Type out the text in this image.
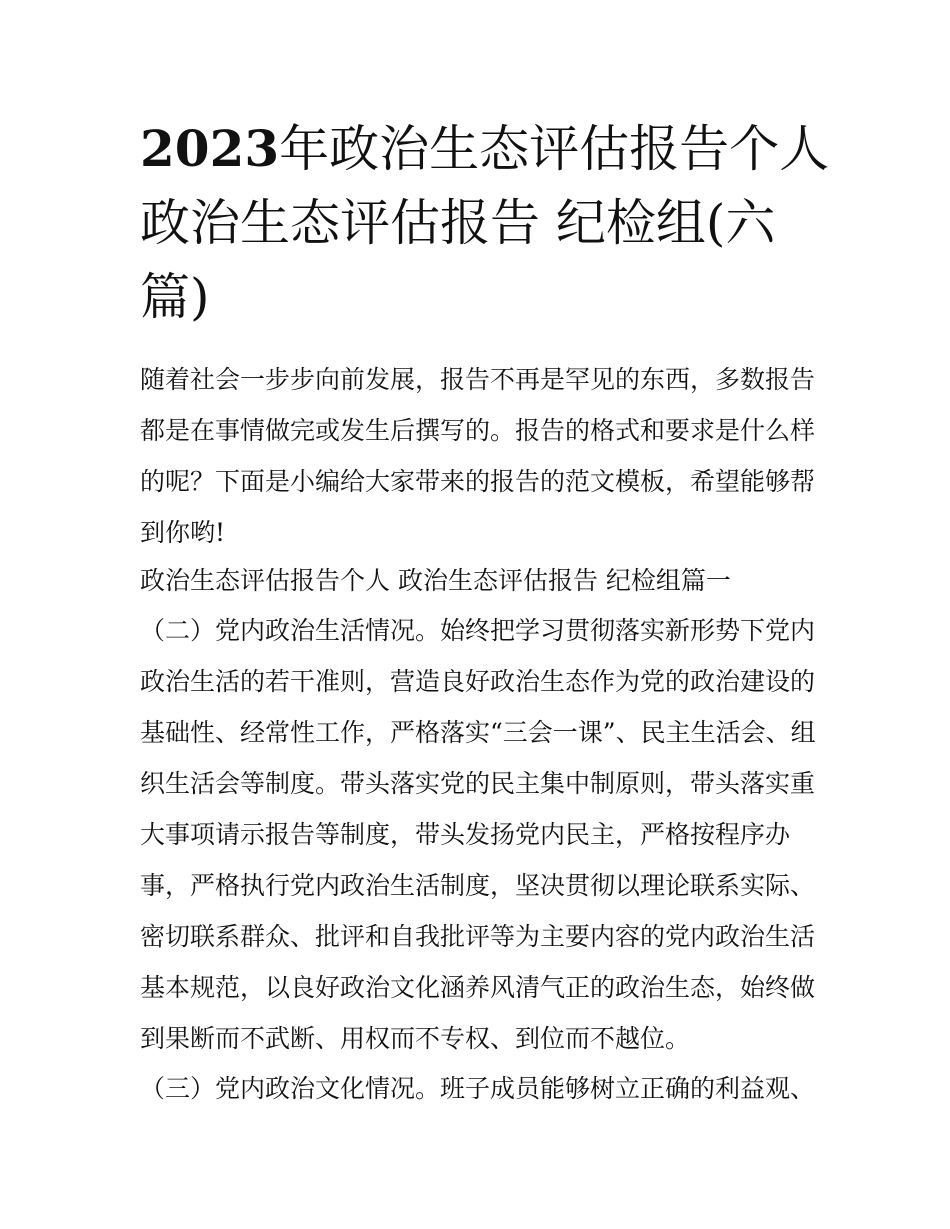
2023年政治生态评估报告个人
政治生态评估报告 纪检组(六
篇)
随着社会一步步向前发展，报告不再是罕见的东西，多数报告
都是在事情做完或发生后撰写的。报告的格式和要求是什么样
的呢？下面是小编给大家带来的报告的范文模板，希望能够帮
到你哟!
政治生态评估报告个人 政治生态评估报告 纪检组篇一
（二）党内政治生活情况。始终把学习贯彻落实新形势下党内
政治生活的若干准则，营造良好政治生态作为党的政治建设的
基础性、经常性工作，严格落实“三会一课”、民主生活会、组
织生活会等制度。带头落实党的民主集中制原则，带头落实重
大事项请示报告等制度，带头发扬党内民主，严格按程序办
事，严格执行党内政治生活制度，坚决贯彻以理论联系实际、
密切联系群众、批评和自我批评等为主要内容的党内政治生活
基本规范，以良好政治文化涵养风清气正的政治生态，始终做
到果断而不武断、用权而不专权、到位而不越位。
（三）党内政治文化情况。班子成员能够树立正确的利益观、
